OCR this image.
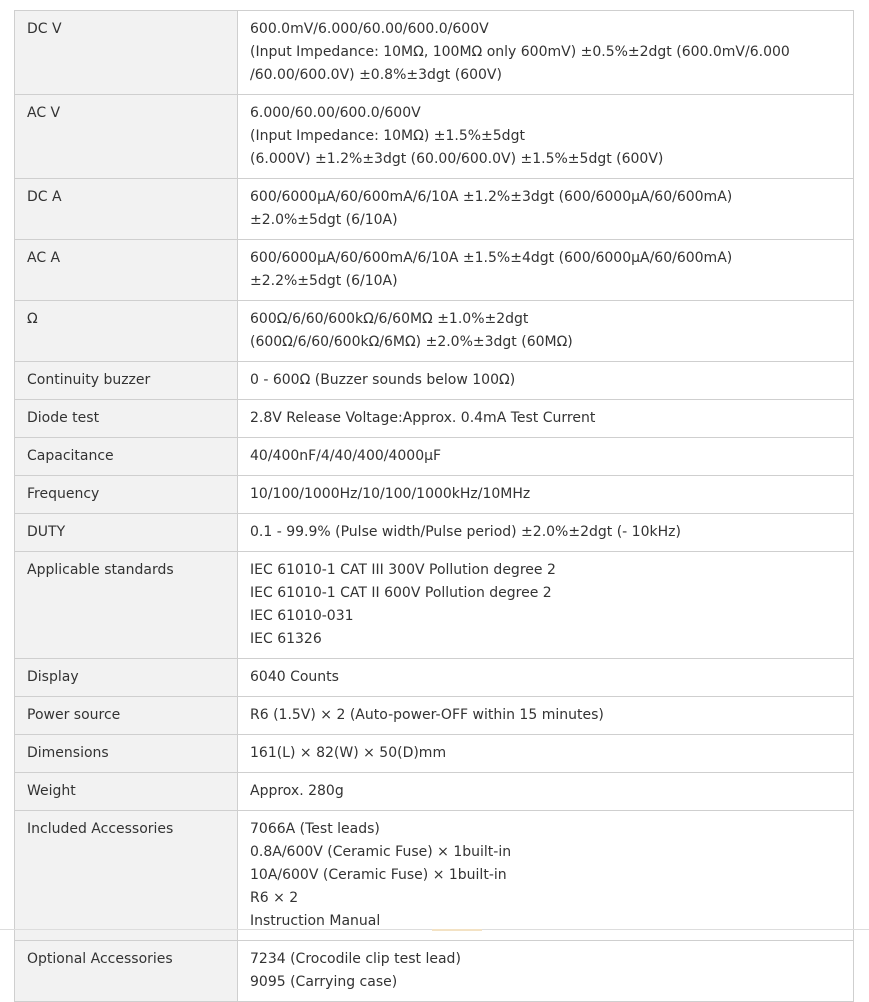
DC V	600.0mV/6.000/60.00/600.0/600V
(Input Impedance: 10MΩ, 100MΩ only 600mV) ±0.5%±2dgt (600.0mV/6.000
/60.00/600.0V) ±0.8%±3dgt (600V)

AC V	6.000/60.00/600.0/600V
(Input Impedance: 10MΩ) ±1.5%±5dgt
(6.000V) ±1.2%±3dgt (60.00/600.0V) ±1.5%±5dgt (600V)

DC A	600/6000μA/60/600mA/6/10A ±1.2%±3dgt (600/6000μA/60/600mA)
±2.0%±5dgt (6/10A)

AC A	600/6000μA/60/600mA/6/10A ±1.5%±4dgt (600/6000μA/60/600mA)
±2.2%±5dgt (6/10A)

Ω	600Ω/6/60/600kΩ/6/60MΩ ±1.0%±2dgt
(600Ω/6/60/600kΩ/6MΩ) ±2.0%±3dgt (60MΩ)

Continuity buzzer	0 - 600Ω (Buzzer sounds below 100Ω)

Diode test	2.8V Release Voltage:Approx. 0.4mA Test Current

Capacitance	40/400nF/4/40/400/4000μF

Frequency	10/100/1000Hz/10/100/1000kHz/10MHz

DUTY	0.1 - 99.9% (Pulse width/Pulse period) ±2.0%±2dgt (- 10kHz)

Applicable standards	IEC 61010-1 CAT III 300V Pollution degree 2
IEC 61010-1 CAT II 600V Pollution degree 2
IEC 61010-031
IEC 61326

Display	6040 Counts

Power source	R6 (1.5V) × 2 (Auto-power-OFF within 15 minutes)

Dimensions	161(L) × 82(W) × 50(D)mm

Weight	Approx. 280g

Included Accessories	7066A (Test leads)
0.8A/600V (Ceramic Fuse) × 1built-in
10A/600V (Ceramic Fuse) × 1built-in
R6 × 2
Instruction Manual

Optional Accessories	7234 (Crocodile clip test lead)
9095 (Carrying case)
